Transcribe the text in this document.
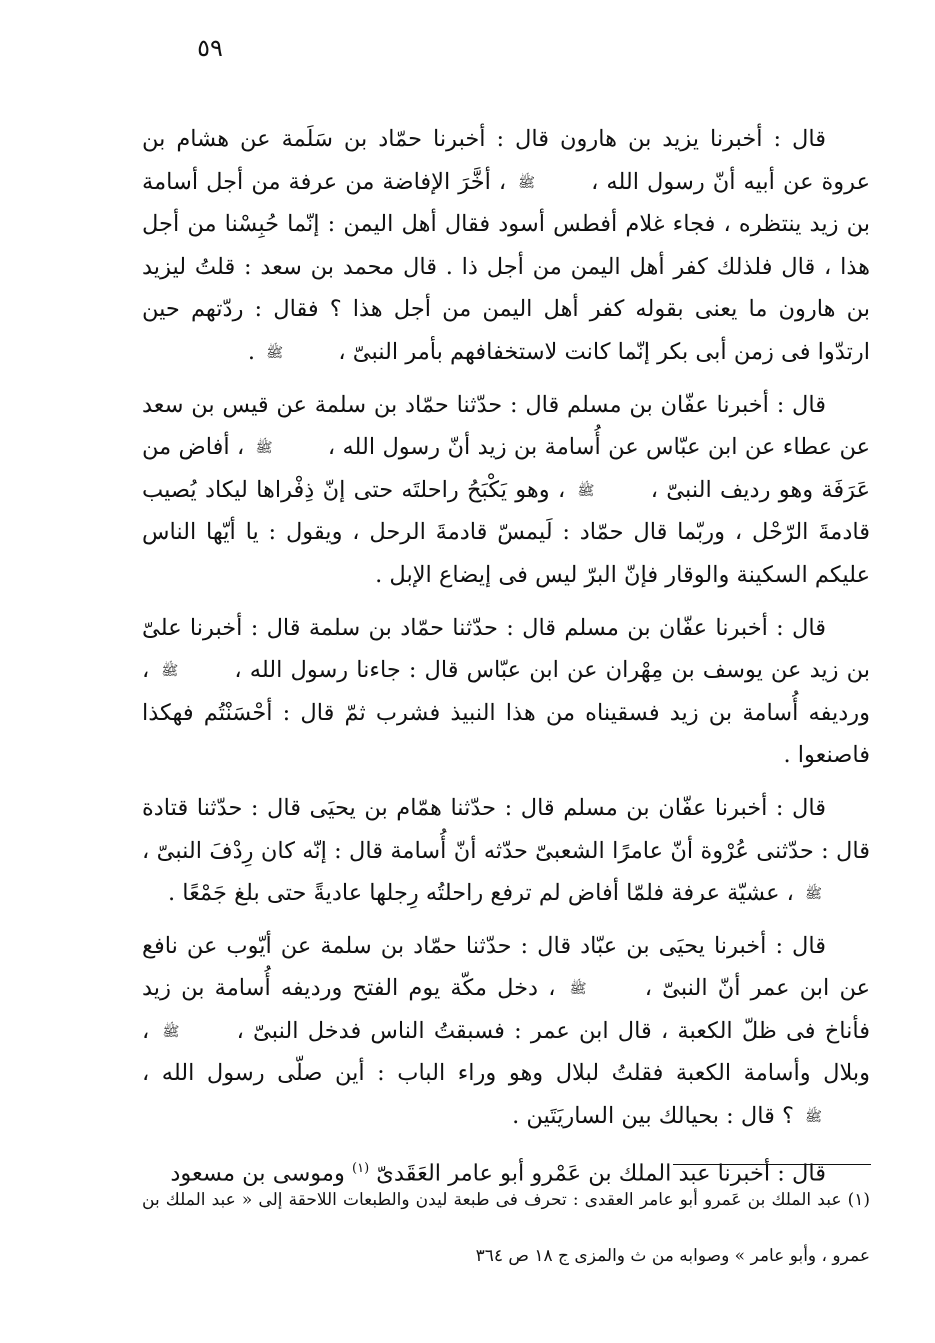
٥٩

قال : أخبرنا يزيد بن هارون قال : أخبرنا حمّاد بن سَلَمة عن هشام بن عروة عن أبيه أنّ رسول الله ، ﷺ ، أخَّرَ الإفاضة من عرفة من أجل أسامة بن زيد ينتظره ، فجاء غلام أفطس أسود فقال أهل اليمن : إنّما حُبِسْنا من أجل هذا ، قال فلذلك كفر أهل اليمن من أجل ذا . قال محمد بن سعد : قلتُ ليزيد بن هارون ما يعنى بقوله كفر أهل اليمن من أجل هذا ؟ فقال : ردّتهم حين ارتدّوا فى زمن أبى بكر إنّما كانت لاستخفافهم بأمر النبىّ ، ﷺ .

قال : أخبرنا عفّان بن مسلم قال : حدّثنا حمّاد بن سلمة عن قيس بن سعد عن عطاء عن ابن عبّاس عن أُسامة بن زيد أنّ رسول الله ، ﷺ ، أفاض من عَرَفَة وهو رديف النبىّ ، ﷺ ، وهو يَكْبَحُ راحلتَه حتى إنّ ذِفْراها ليكاد يُصيب قادمةَ الرّحْل ، وربّما قال حمّاد : لَيمسّ قادمةَ الرحل ، ويقول : يا أيّها الناس عليكم السكينة والوقار فإنّ البرّ ليس فى إيضاع الإبل .

قال : أخبرنا عفّان بن مسلم قال : حدّثنا حمّاد بن سلمة قال : أخبرنا علىّ بن زيد عن يوسف بن مِهْران عن ابن عبّاس قال : جاءنا رسول الله ، ﷺ ، ورديفه أُسامة بن زيد فسقيناه من هذا النبيذ فشرب ثمّ قال : أحْسَنْتُم فهكذا فاصنعوا .

قال : أخبرنا عفّان بن مسلم قال : حدّثنا همّام بن يحيَى قال : حدّثنا قتادة قال : حدّثنى عُرْوة أنّ عامرًا الشعبىّ حدّثه أنّ أُسامة قال : إنّه كان رِدْفَ النبىّ ، ﷺ ، عشيّة عرفة فلمّا أفاض لم ترفع راحلتُه رِجلها عاديةً حتى بلغ جَمْعًا .

قال : أخبرنا يحيَى بن عبّاد قال : حدّثنا حمّاد بن سلمة عن أيّوب عن نافع عن ابن عمر أنّ النبىّ ، ﷺ ، دخل مكّة يوم الفتح ورديفه أُسامة بن زيد فأناخ فى ظلّ الكعبة ، قال ابن عمر : فسبقتُ الناس فدخل النبىّ ، ﷺ ، وبلال وأسامة الكعبة فقلتُ لبلال وهو وراء الباب : أين صلّى رسول الله ، ﷺ ؟ قال : بحيالك بين الساريَتَين .

قال : أخبرنا عبد الملك بن عَمْرو أبو عامر العَقَدىّ $^{(١)}$ وموسى بن مسعود

(١) عبد الملك بن عَمرو أبو عامر العقدى : تحرف فى طبعة ليدن والطبعات اللاحقة إلى « عبد الملك بن عمرو ، وأبو عامر » وصوابه من ث والمزى ج ١٨ ص ٣٦٤
